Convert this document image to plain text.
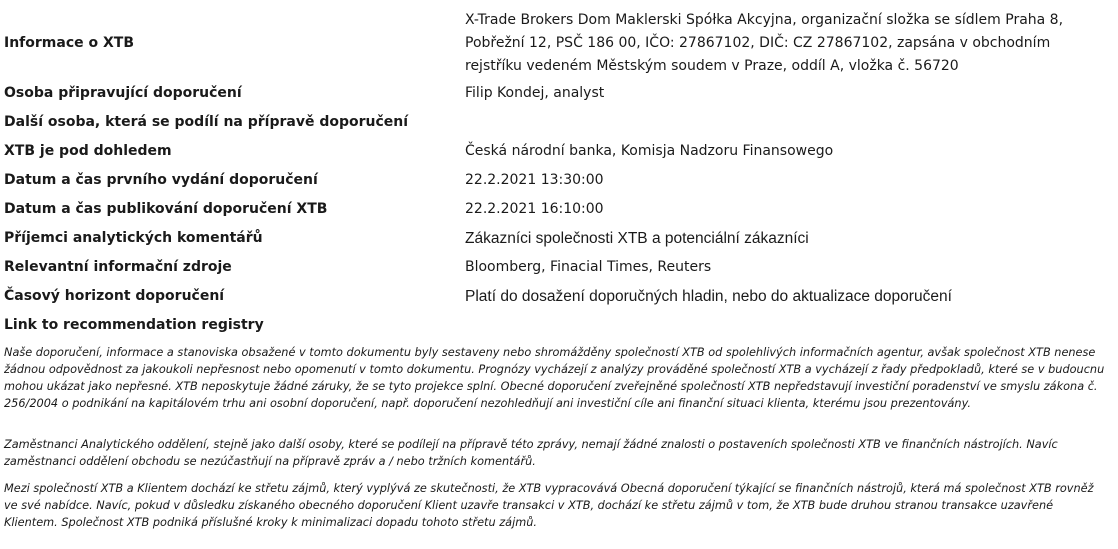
Informace o XTB	X-Trade Brokers Dom Maklerski Spółka Akcyjna, organizační složka se sídlem Praha 8, Pobřežní 12, PSČ 186 00, IČO: 27867102, DIČ: CZ 27867102, zapsána v obchodním rejstříku vedeném Městským soudem v Praze, oddíl A, vložka č. 56720
Osoba připravující doporučení	Filip Kondej, analyst
Další osoba, která se podílí na přípravě doporučení	
XTB je pod dohledem	Česká národní banka, Komisja Nadzoru Finansowego
Datum a čas prvního vydání doporučení	22.2.2021 13:30:00
Datum a čas publikování doporučení XTB	22.2.2021 16:10:00
Příjemci analytických komentářů	Zákazníci společnosti XTB a potenciální zákazníci
Relevantní informační zdroje	Bloomberg, Finacial Times, Reuters
Časový horizont doporučení	Platí do dosažení doporučných hladin, nebo do aktualizace doporučení
Link to recommendation registry	

Naše doporučení, informace a stanoviska obsažené v tomto dokumentu byly sestaveny nebo shromážděny společností XTB od spolehlivých informačních agentur, avšak společnost XTB nenese žádnou odpovědnost za jakoukoli nepřesnost nebo opomenutí v tomto dokumentu. Prognózy vycházejí z analýzy prováděné společností XTB a vycházejí z řady předpokladů, které se v budoucnu mohou ukázat jako nepřesné. XTB neposkytuje žádné záruky, že se tyto projekce splní. Obecné doporučení zveřejněné společností XTB nepředstavují investiční poradenství ve smyslu zákona č. 256/2004 o podnikání na kapitálovém trhu ani osobní doporučení, např. doporučení nezohledňují ani investiční cíle ani finanční situaci klienta, kterému jsou prezentovány.

Zaměstnanci Analytického oddělení, stejně jako další osoby, které se podílejí na přípravě této zprávy, nemají žádné znalosti o postaveních společnosti XTB ve finančních nástrojích. Navíc zaměstnanci oddělení obchodu se nezúčastňují na přípravě zpráv a / nebo tržních komentářů.

Mezi společností XTB a Klientem dochází ke střetu zájmů, který vyplývá ze skutečnosti, že XTB vypracovává Obecná doporučení týkající se finančních nástrojů, která má společnost XTB rovněž ve své nabídce. Navíc, pokud v důsledku získaného obecného doporučení Klient uzavře transakci v XTB, dochází ke střetu zájmů v tom, že XTB bude druhou stranou transakce uzavřené Klientem. Společnost XTB podniká příslušné kroky k minimalizaci dopadu tohoto střetu zájmů.
